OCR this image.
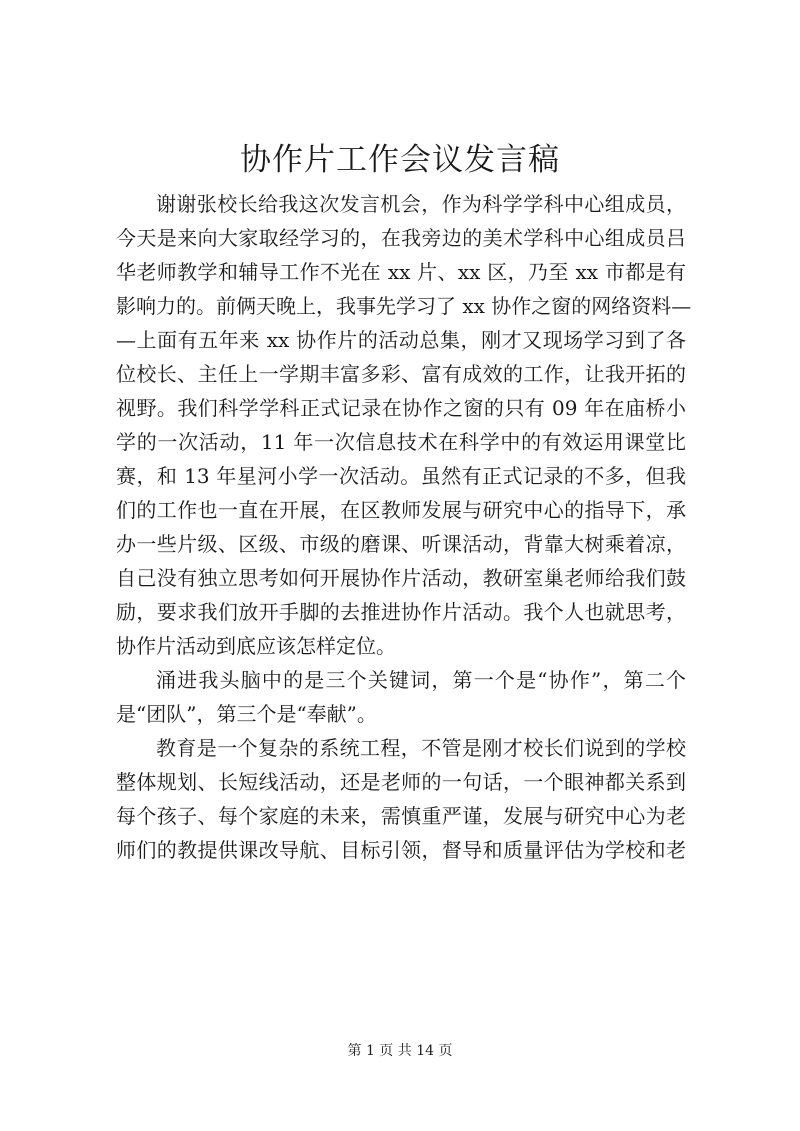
协作片工作会议发言稿
谢谢张校长给我这次发言机会，作为科学学科中心组成员，
今天是来向大家取经学习的，在我旁边的美术学科中心组成员吕
华老师教学和辅导工作不光在 xx 片、xx 区，乃至 xx 市都是有
影响力的。前俩天晚上，我事先学习了 xx 协作之窗的网络资料—
—上面有五年来 xx 协作片的活动总集，刚才又现场学习到了各
位校长、主任上一学期丰富多彩、富有成效的工作，让我开拓的
视野。我们科学学科正式记录在协作之窗的只有 09 年在庙桥小
学的一次活动，11 年一次信息技术在科学中的有效运用课堂比
赛，和 13 年星河小学一次活动。虽然有正式记录的不多，但我
们的工作也一直在开展，在区教师发展与研究中心的指导下，承
办一些片级、区级、市级的磨课、听课活动，背靠大树乘着凉，
自己没有独立思考如何开展协作片活动，教研室巢老师给我们鼓
励，要求我们放开手脚的去推进协作片活动。我个人也就思考，
协作片活动到底应该怎样定位。
涌进我头脑中的是三个关键词，第一个是“协作”，第二个
是“团队”，第三个是“奉献”。
教育是一个复杂的系统工程，不管是刚才校长们说到的学校
整体规划、长短线活动，还是老师的一句话，一个眼神都关系到
每个孩子、每个家庭的未来，需慎重严谨，发展与研究中心为老
师们的教提供课改导航、目标引领，督导和质量评估为学校和老
第 1 页 共 14 页
